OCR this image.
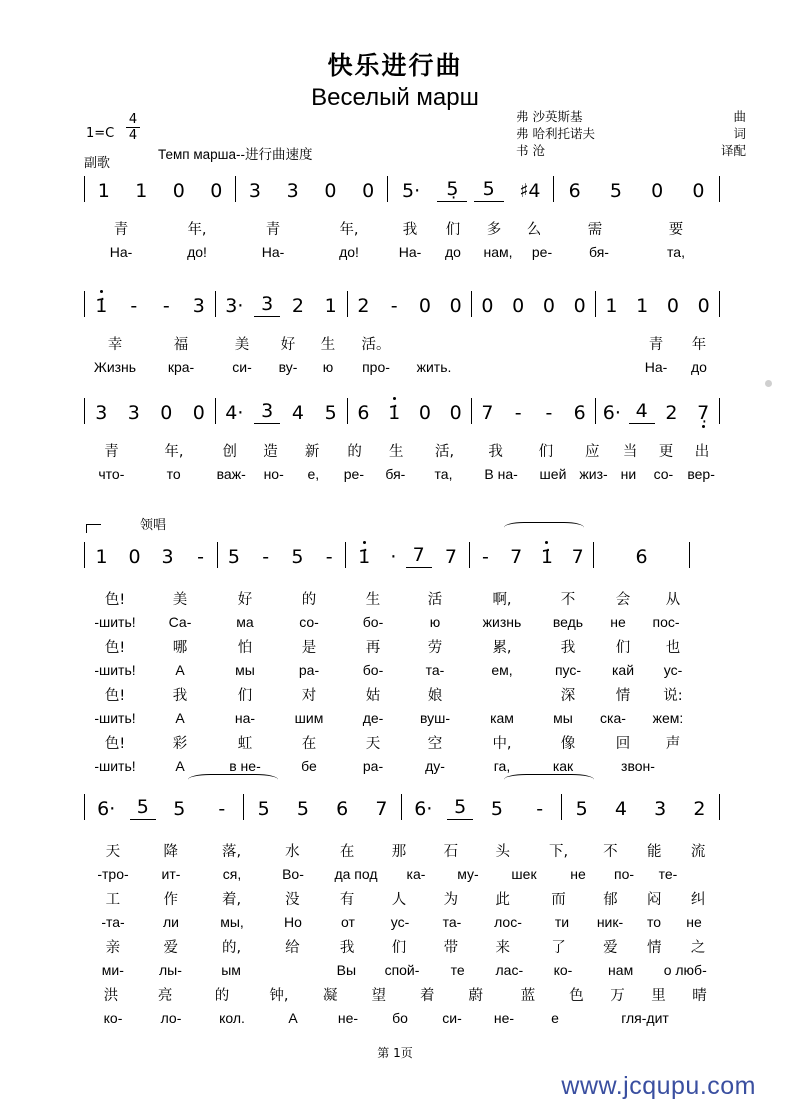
快乐进行曲
Веселый марш
弗 沙英斯基	曲
弗 哈利托诺夫	词
书 沧	译配
1=C
4
4
Темп марша--进行曲速度
副歌
领唱
1	1	0	0	3	3	0	0	5·	5̣	5	♯4	6	5	0	0
青	年,	青	年,	我	们	多	么	需	要
На-	до!	На-	до!	На-	до	нам,	ре-	бя-	та,
1̇	-	-	3	3· 3 2	1	2	-	0 0	0 0 0 0	1 1 0 0
幸	福	美	好	生	活。	青	年
Жизнь	кра-	си-	ву-	ю	про-	жить.	На-	до
3	3	0	0	4· 3 4	5	6 1̇ 0 0	7	-	-	6 6· 4 2	7̣
青	年,	创	造	新	的	生	活,	我	们	应	当	更	出
что-	то	важ-	но-	е,	ре-	бя-	та,	В на-	шей жиз- ни	со-	вер-
1	0	3	-	5	-	5	-	1̇	· 7	7	-	7 1̇ 7	6
色!	美	好	的	生	活	啊,	不	会	从
-шить!	Са-	ма	со-	бо-	ю	жизнь	ведь	не	пос-
色!	哪	怕	是	再	劳	累,	我	们	也
-шить!	А	мы	ра-	бо-	та-	ем,	пус-	кай	ус-
色!	我	们	对	姑	娘	深	情	说:
-шить!	А	на-	шим	де-	вуш-	кам	мы	ска-	жем:
色!	彩	虹	在	天	空	中,	像	回	声
-шить!	А	в не-	бе	ра-	ду-	га,	как	звон-
6·	5	5	-	5	5	6	7	6·	5	5	-	5	4	3	2
天	降	落,	水	在	那	石	头	下,	不	能	流
-тро-	ит-	ся,	Во-	да под	ка-	му-	шек	не	по-	те-
工	作	着,	没	有	人	为	此	而	郁	闷	纠
-та-	ли	мы,	Но	от	ус-	та-	лос-	ти	ник-	то	не
亲	爱	的,	给	我	们	带	来	了	爱	情	之
ми-	лы-	ым	Вы	спой-	те	лас-	ко-	нам	о люб-
洪	亮	的	钟,	凝	望	着	蔚	蓝	色	万	里	晴
ко-	ло-	кол.	А	не-	бо	си-	не-	е	гля-дит
第 1页
www.jcqupu.com
